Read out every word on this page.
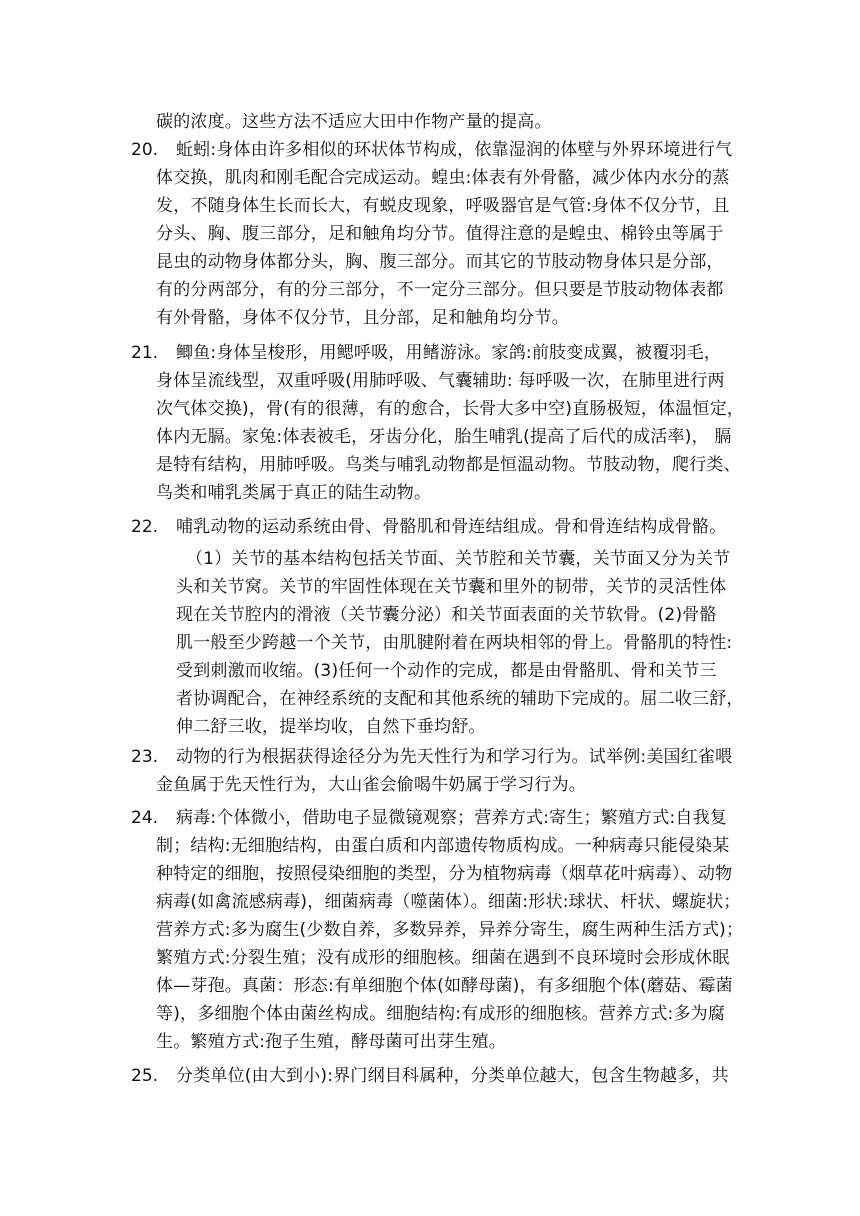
碳的浓度。这些方法不适应大田中作物产量的提高。
20. 蚯蚓:身体由许多相似的环状体节构成，依靠湿润的体壁与外界环境进行气
体交换，肌肉和刚毛配合完成运动。蝗虫:体表有外骨骼，减少体内水分的蒸
发，不随身体生长而长大，有蜕皮现象，呼吸器官是气管:身体不仅分节，且
分头、胸、腹三部分，足和触角均分节。值得注意的是蝗虫、棉铃虫等属于
昆虫的动物身体都分头，胸、腹三部分。而其它的节肢动物身体只是分部，
有的分两部分，有的分三部分，不一定分三部分。但只要是节肢动物体表都
有外骨骼，身体不仅分节，且分部，足和触角均分节。
21. 鲫鱼:身体呈梭形，用鳃呼吸，用鳍游泳。家鸽:前肢变成翼，被覆羽毛，
身体呈流线型，双重呼吸(用肺呼吸、气囊辅助: 每呼吸一次，在肺里进行两
次气体交换)，骨(有的很薄，有的愈合，长骨大多中空)直肠极短，体温恒定，
体内无膈。家兔:体表被毛，牙齿分化，胎生哺乳(提高了后代的成活率)， 膈
是特有结构，用肺呼吸。鸟类与哺乳动物都是恒温动物。节肢动物，爬行类、
鸟类和哺乳类属于真正的陆生动物。
22. 哺乳动物的运动系统由骨、骨骼肌和骨连结组成。骨和骨连结构成骨骼。
（1）关节的基本结构包括关节面、关节腔和关节囊，关节面又分为关节
头和关节窝。关节的牢固性体现在关节囊和里外的韧带，关节的灵活性体
现在关节腔内的滑液（关节囊分泌）和关节面表面的关节软骨。(2)骨骼
肌一般至少跨越一个关节，由肌腱附着在两块相邻的骨上。骨骼肌的特性:
受到刺激而收缩。(3)任何一个动作的完成，都是由骨骼肌、骨和关节三
者协调配合，在神经系统的支配和其他系统的辅助下完成的。屈二收三舒，
伸二舒三收，提举均收，自然下垂均舒。
23. 动物的行为根据获得途径分为先天性行为和学习行为。试举例:美国红雀喂
金鱼属于先天性行为，大山雀会偷喝牛奶属于学习行为。
24. 病毒:个体微小，借助电子显微镜观察；营养方式:寄生；繁殖方式:自我复
制；结构:无细胞结构，由蛋白质和内部遗传物质构成。一种病毒只能侵染某
种特定的细胞，按照侵染细胞的类型，分为植物病毒（烟草花叶病毒）、动物
病毒(如禽流感病毒)，细菌病毒（噬菌体）。细菌:形状:球状、杆状、螺旋状；
营养方式:多为腐生(少数自养，多数异养，异养分寄生，腐生两种生活方式)；
繁殖方式:分裂生殖；没有成形的细胞核。细菌在遇到不良环境时会形成休眠
体—芽孢。真菌：形态:有单细胞个体(如酵母菌)，有多细胞个体(蘑菇、霉菌
等)，多细胞个体由菌丝构成。细胞结构:有成形的细胞核。营养方式:多为腐
生。繁殖方式:孢子生殖，酵母菌可出芽生殖。
25. 分类单位(由大到小):界门纲目科属种，分类单位越大，包含生物越多，共
